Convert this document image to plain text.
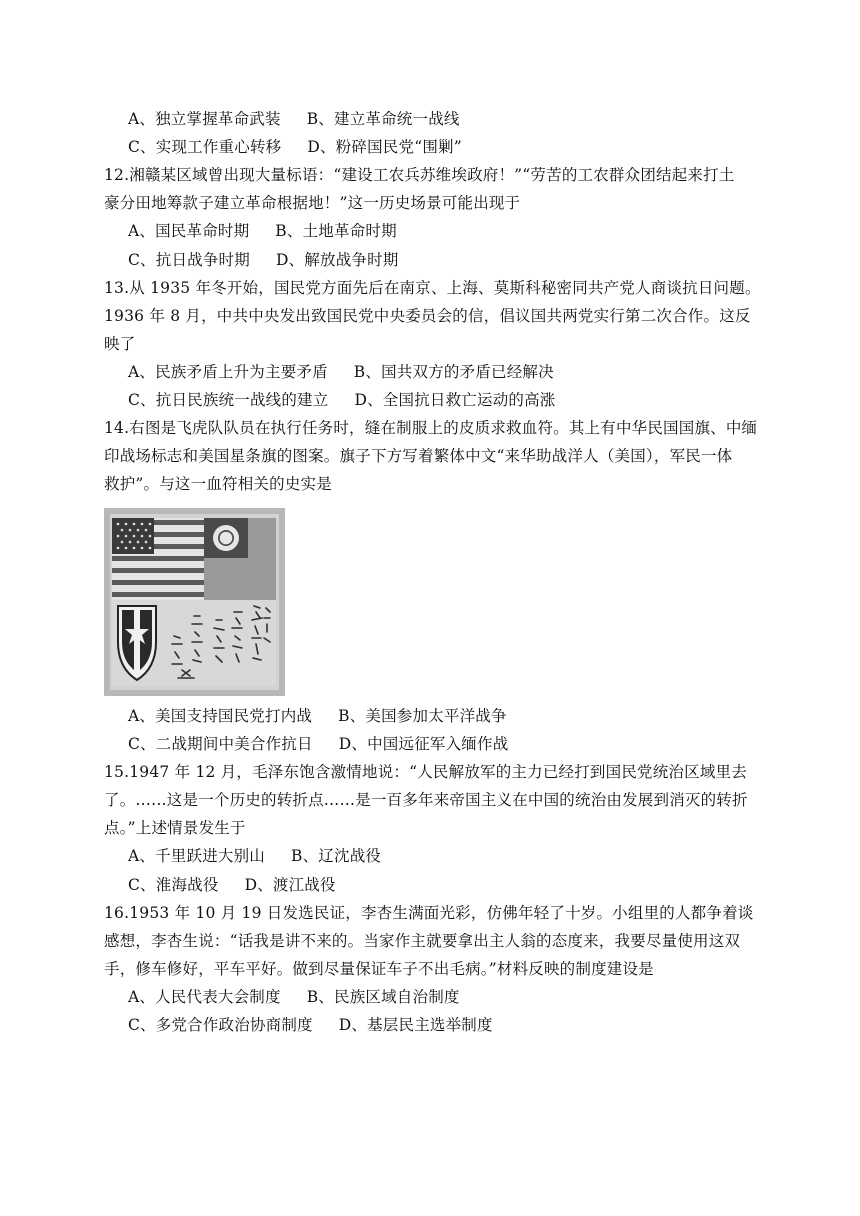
A、独立掌握革命武装 B、建立革命统一战线
C、实现工作重心转移 D、粉碎国民党“围剿”
12.湘赣某区域曾出现大量标语：“建设工农兵苏维埃政府！”“劳苦的工农群众团结起来打土
豪分田地筹款子建立革命根据地！”这一历史场景可能出现于
A、国民革命时期 B、土地革命时期
C、抗日战争时期 D、解放战争时期
13.从 1935 年冬开始，国民党方面先后在南京、上海、莫斯科秘密同共产党人商谈抗日问题。
1936 年 8 月，中共中央发出致国民党中央委员会的信，倡议国共两党实行第二次合作。这反
映了
A、民族矛盾上升为主要矛盾 B、国共双方的矛盾已经解决
C、抗日民族统一战线的建立 D、全国抗日救亡运动的高涨
14.右图是飞虎队队员在执行任务时，缝在制服上的皮质求救血符。其上有中华民国国旗、中缅
印战场标志和美国星条旗的图案。旗子下方写着繁体中文“来华助战洋人（美国），军民一体
救护”。与这一血符相关的史实是
A、美国支持国民党打内战 B、美国参加太平洋战争
C、二战期间中美合作抗日 D、中国远征军入缅作战
15.1947 年 12 月，毛泽东饱含激情地说：“人民解放军的主力已经打到国民党统治区域里去
了。……这是一个历史的转折点……是一百多年来帝国主义在中国的统治由发展到消灭的转折
点。”上述情景发生于
A、千里跃进大别山 B、辽沈战役
C、淮海战役 D、渡江战役
16.1953 年 10 月 19 日发选民证，李杏生满面光彩，仿佛年轻了十岁。小组里的人都争着谈
感想，李杏生说：“话我是讲不来的。当家作主就要拿出主人翁的态度来，我要尽量使用这双
手，修车修好，平车平好。做到尽量保证车子不出毛病。”材料反映的制度建设是
A、人民代表大会制度 B、民族区域自治制度
C、多党合作政治协商制度 D、基层民主选举制度
